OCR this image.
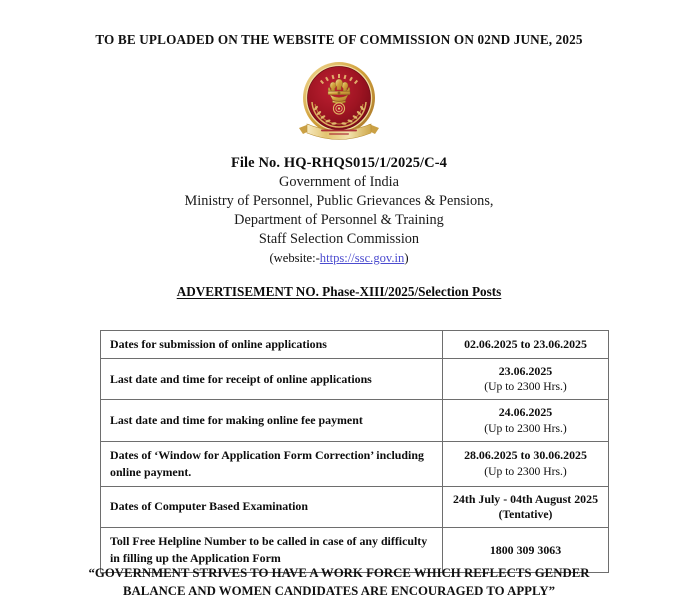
TO BE UPLOADED ON THE WEBSITE OF COMMISSION ON 02ND JUNE, 2025
File No. HQ-RHQS015/1/2025/C-4
Government of India
Ministry of Personnel, Public Grievances & Pensions,
Department of Personnel & Training
Staff Selection Commission
(website:-https://ssc.gov.in)
ADVERTISEMENT NO. Phase-XIII/2025/Selection Posts
Dates for submission of online applications	02.06.2025 to 23.06.2025

Last date and time for receipt of online applications	23.06.2025
(Up to 2300 Hrs.)

Last date and time for making online fee payment	24.06.2025
(Up to 2300 Hrs.)

Dates of ‘Window for Application Form Correction’ including online payment.	28.06.2025 to 30.06.2025
(Up to 2300 Hrs.)

Dates of Computer Based Examination	24th July - 04th August 2025
(Tentative)

Toll Free Helpline Number to be called in case of any difficulty in filling up the Application Form	1800 309 3063
“GOVERNMENT STRIVES TO HAVE A WORK FORCE WHICH REFLECTS GENDER
BALANCE AND WOMEN CANDIDATES ARE ENCOURAGED TO APPLY”
